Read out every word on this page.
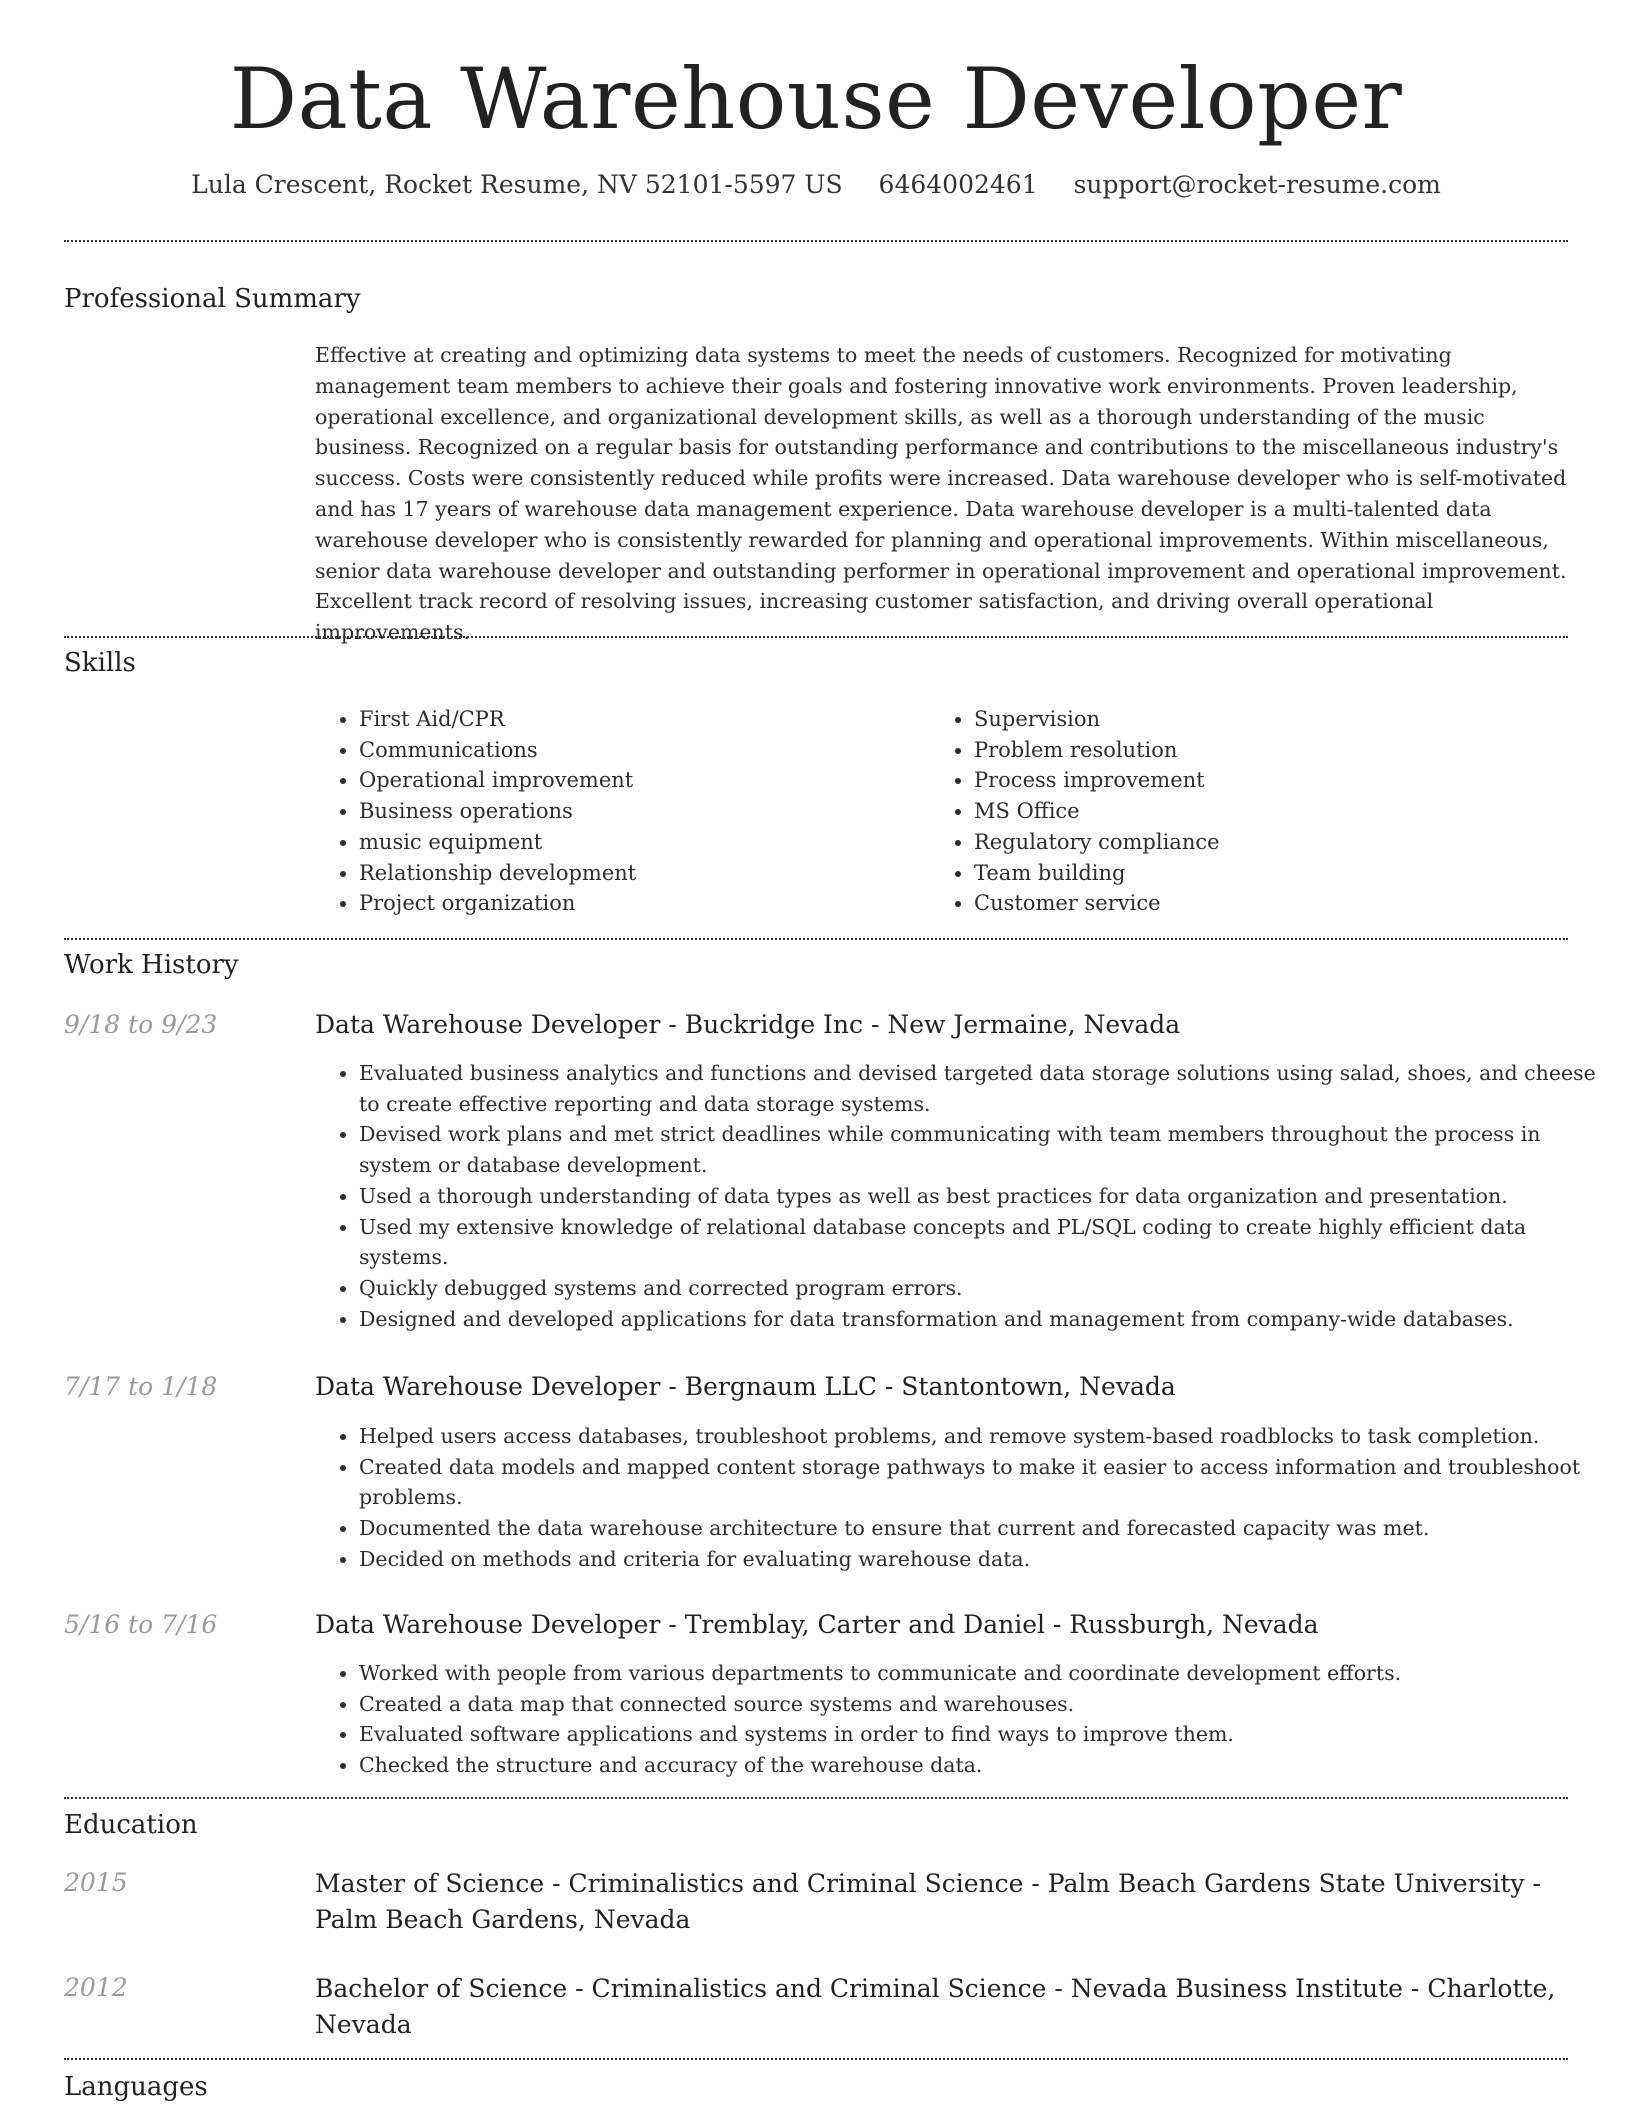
Data Warehouse Developer
Lula Crescent, Rocket Resume, NV 52101-5597 US 6464002461 support@rocket-resume.com
Professional Summary

Effective at creating and optimizing data systems to meet the needs of customers. Recognized for motivating management team members to achieve their goals and fostering innovative work environments. Proven leadership, operational excellence, and organizational development skills, as well as a thorough understanding of the music business. Recognized on a regular basis for outstanding performance and contributions to the miscellaneous industry's success. Costs were consistently reduced while profits were increased. Data warehouse developer who is self-motivated and has 17 years of warehouse data management experience. Data warehouse developer is a multi-talented data warehouse developer who is consistently rewarded for planning and operational improvements. Within miscellaneous, senior data warehouse developer and outstanding performer in operational improvement and operational improvement. Excellent track record of resolving issues, increasing customer satisfaction, and driving overall operational improvements.

Skills
• First Aid/CPR
• Communications
• Operational improvement
• Business operations
• music equipment
• Relationship development
• Project organization
• Supervision
• Problem resolution
• Process improvement
• MS Office
• Regulatory compliance
• Team building
• Customer service
Work History
9/18 to 9/23	Data Warehouse Developer - Buckridge Inc - New Jermaine, Nevada
• Evaluated business analytics and functions and devised targeted data storage solutions using salad, shoes, and cheese to create effective reporting and data storage systems.
• Devised work plans and met strict deadlines while communicating with team members throughout the process in system or database development.
• Used a thorough understanding of data types as well as best practices for data organization and presentation.
• Used my extensive knowledge of relational database concepts and PL/SQL coding to create highly efficient data systems.
• Quickly debugged systems and corrected program errors.
• Designed and developed applications for data transformation and management from company-wide databases.
7/17 to 1/18	Data Warehouse Developer - Bergnaum LLC - Stantontown, Nevada
• Helped users access databases, troubleshoot problems, and remove system-based roadblocks to task completion.
• Created data models and mapped content storage pathways to make it easier to access information and troubleshoot problems.
• Documented the data warehouse architecture to ensure that current and forecasted capacity was met.
• Decided on methods and criteria for evaluating warehouse data.
5/16 to 7/16	Data Warehouse Developer - Tremblay, Carter and Daniel - Russburgh, Nevada
• Worked with people from various departments to communicate and coordinate development efforts.
• Created a data map that connected source systems and warehouses.
• Evaluated software applications and systems in order to find ways to improve them.
• Checked the structure and accuracy of the warehouse data.
Education
2015	Master of Science - Criminalistics and Criminal Science - Palm Beach Gardens State University - Palm Beach Gardens, Nevada

2012	Bachelor of Science - Criminalistics and Criminal Science - Nevada Business Institute - Charlotte, Nevada

Languages
